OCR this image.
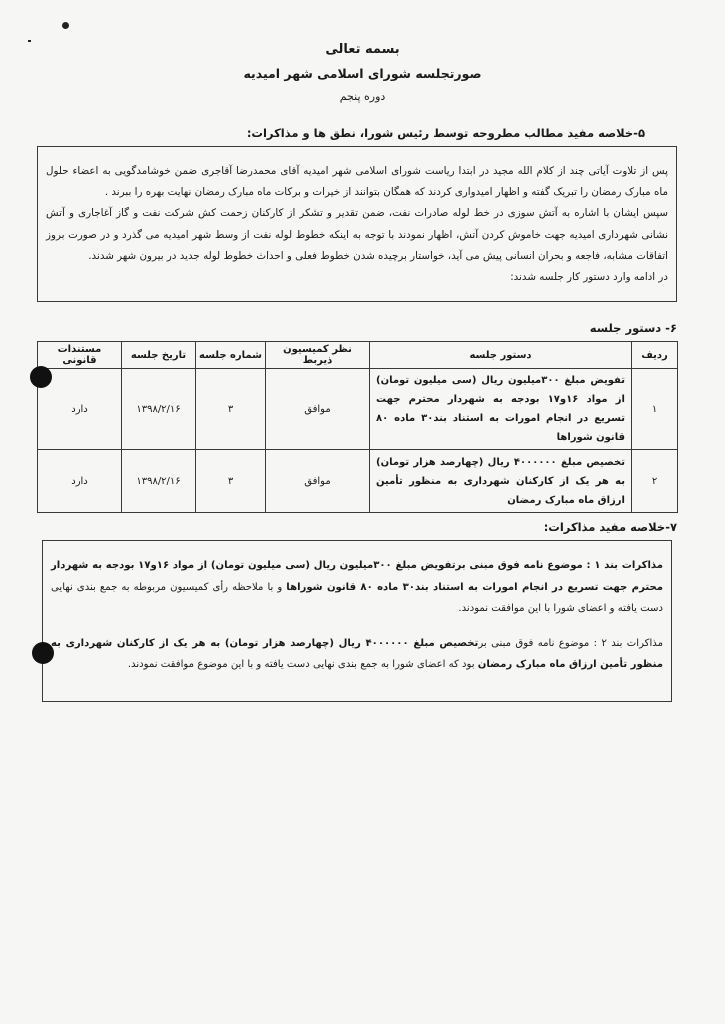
بسمه تعالی
صورتجلسه شورای اسلامی شهر امیدیه
دوره پنجم
۵-خلاصه مفید مطالب مطروحه توسط رئیس شورا، نطق ها و مذاکرات:

پس از تلاوت آیاتی چند از کلام الله مجید در ابتدا ریاست شورای اسلامی شهر امیدیه آقای محمدرضا آقاجری ضمن خوشامدگویی به اعضاء حلول ماه مبارک رمضان را تبریک گفته و اظهار امیدواری کردند که همگان بتوانند از خیرات و برکات ماه مبارک رمضان نهایت بهره را ببرند .

سپس ایشان با اشاره به آتش سوزی در خط لوله صادرات نفت، ضمن تقدیر و تشکر از کارکنان زحمت کش شرکت نفت و گاز آغاجاری و آتش نشانی شهرداری امیدیه جهت خاموش کردن آتش، اظهار نمودند با توجه به اینکه خطوط لوله نفت از وسط شهر امیدیه می گذرد و در صورت بروز اتفاقات مشابه، فاجعه و بحران انسانی پیش می آید، خواستار برچیده شدن خطوط فعلی و احداث خطوط لوله جدید در بیرون شهر شدند.

در ادامه وارد دستور کار جلسه شدند:

۶- دستور جلسه
ردیف	دستور جلسه	نظر کمیسیون ذیربط	شماره جلسه	تاریخ جلسه	مستندات قانونی
۱	تفویض مبلغ ۳۰۰میلیون ریال (سی میلیون تومان) از مواد ۱۶و۱۷ بودجه به شهردار محترم جهت تسریع در انجام امورات به استناد بند۳۰ ماده ۸۰ قانون شوراها	موافق	۳	۱۳۹۸/۲/۱۶	دارد
۲	تخصیص مبلغ ۴۰۰۰۰۰۰ ریال (چهارصد هزار تومان) به هر یک از کارکنان شهرداری به منظور تأمین ارزاق ماه مبارک رمضان	موافق	۳	۱۳۹۸/۲/۱۶	دارد
۷-خلاصه مفید مذاکرات:

مذاکرات بند ۱ : موضوع نامه فوق مبنی برتفویض مبلغ ۳۰۰میلیون ریال (سی میلیون تومان) از مواد ۱۶و۱۷ بودجه به شهردار محترم جهت تسریع در انجام امورات به استناد بند۳۰ ماده ۸۰ قانون شوراها و با ملاحظه رأی کمیسیون مربوطه به جمع بندی نهایی دست یافته و اعضای شورا با این موافقت نمودند.

مذاکرات بند ۲ : موضوع نامه فوق مبنی برتخصیص مبلغ ۴۰۰۰۰۰۰ ریال (چهارصد هزار تومان) به هر یک از کارکنان شهرداری به منظور تأمین ارزاق ماه مبارک رمضان بود که اعضای شورا به جمع بندی نهایی دست یافته و با این موضوع موافقت نمودند.
